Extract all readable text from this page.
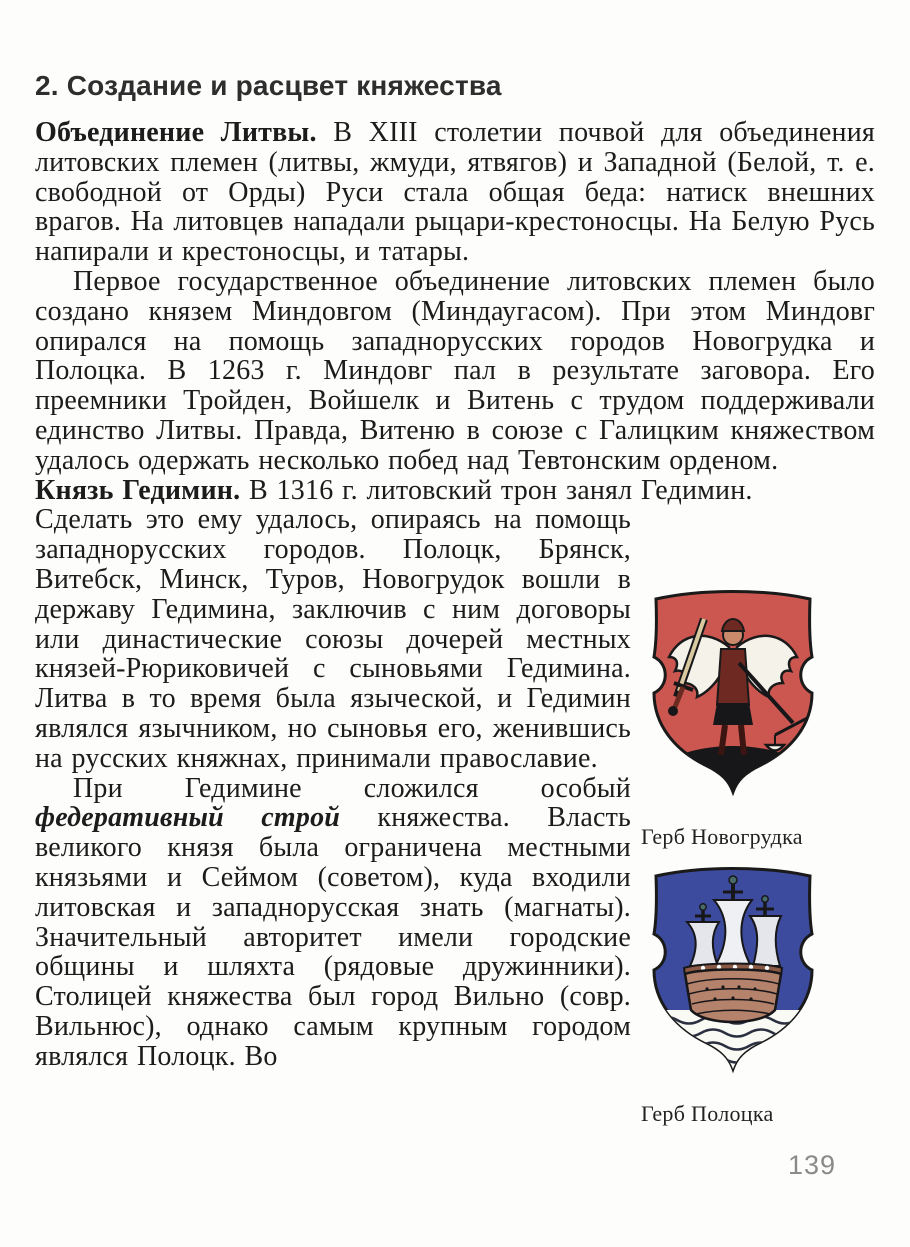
2. Создание и расцвет княжества

Объединение Литвы. В XIII столетии почвой для объединения литовских племен (литвы, жмуди, ятвягов) и Западной (Белой, т. е. свободной от Орды) Руси стала общая беда: натиск внешних врагов. На литовцев нападали рыцари-крестоносцы. На Белую Русь напирали и крестоносцы, и татары.

Первое государственное объединение литовских племен было создано князем Миндовгом (Миндаугасом). При этом Миндовг опирался на помощь западнорусских городов Новогрудка и Полоцка. В 1263 г. Миндовг пал в результате заговора. Его преемники Тройден, Войшелк и Витень с трудом поддерживали единство Литвы. Правда, Витеню в союзе с Галицким княжеством удалось одержать несколько побед над Тевтонским орденом.

Князь Гедимин. В 1316 г. литовский трон занял Гедимин.

Сделать это ему удалось, опираясь на помощь западнорусских городов. Полоцк, Брянск, Витебск, Минск, Туров, Новогрудок вошли в державу Гедимина, заключив с ним договоры или династические союзы дочерей местных князей-Рюриковичей с сыновьями Гедимина. Литва в то время была языческой, и Гедимин являлся язычником, но сыновья его, женившись на русских княжнах, принимали православие.

При Гедимине сложился особый федеративный строй княжества. Власть великого князя была ограничена местными князьями и Сеймом (советом), куда входили литовская и западнорусская знать (магнаты). Значительный авторитет имели городские общины и шляхта (рядовые дружинники). Столицей княжества был город Вильно (совр. Вильнюс), однако самым крупным городом являлся Полоцк. Во

Герб Новогрудка
Герб Полоцка
139
